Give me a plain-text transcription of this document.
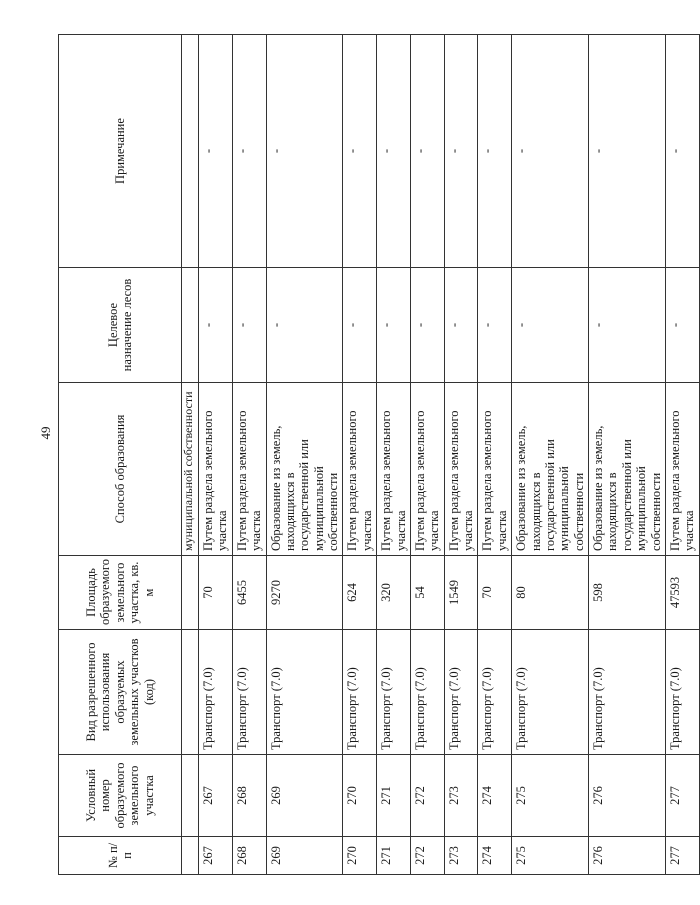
49
№ п/п	Условный номер образуемого земельного участка	Вид разрешенного использования образуемых земельных участков (код)	Площадь образуемого земельного участка, кв. м	Способ образования	Целевое назначение лесов	Примечание
				муниципальной собственности		
267	267	Транспорт (7.0)	70	Путем раздела земельного участка	-	-
268	268	Транспорт (7.0)	6455	Путем раздела земельного участка	-	-
269	269	Транспорт (7.0)	9270	Образование из земель, находящихся в государственной или муниципальной собственности	-	-
270	270	Транспорт (7.0)	624	Путем раздела земельного участка	-	-
271	271	Транспорт (7.0)	320	Путем раздела земельного участка	-	-
272	272	Транспорт (7.0)	54	Путем раздела земельного участка	-	-
273	273	Транспорт (7.0)	1549	Путем раздела земельного участка	-	-
274	274	Транспорт (7.0)	70	Путем раздела земельного участка	-	-
275	275	Транспорт (7.0)	80	Образование из земель, находящихся в государственной или муниципальной собственности	-	-
276	276	Транспорт (7.0)	598	Образование из земель, находящихся в государственной или муниципальной собственности	-	-
277	277	Транспорт (7.0)	47593	Путем раздела земельного участка	-	-
